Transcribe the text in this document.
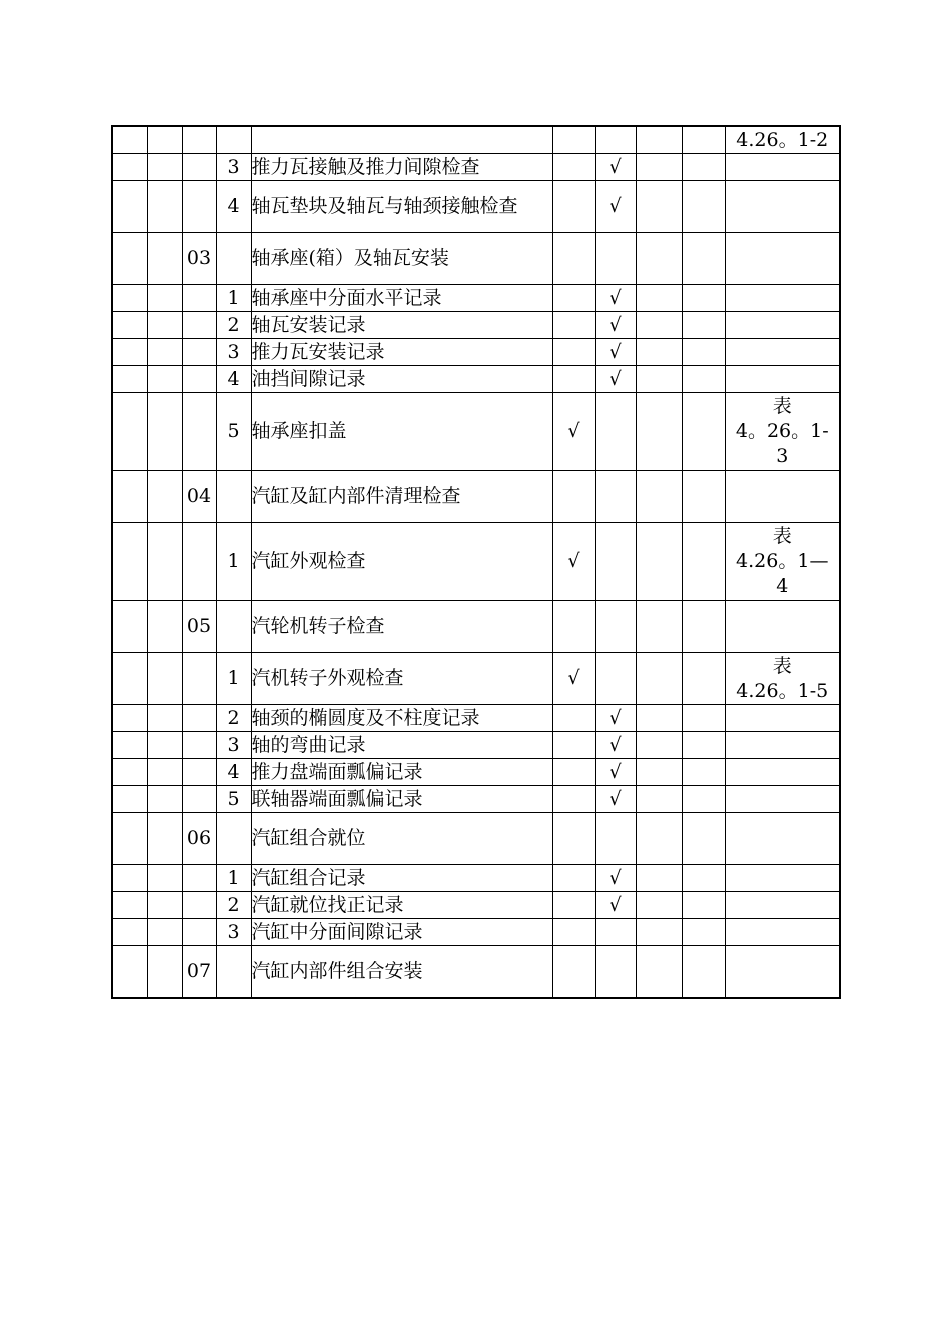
									4.26。1-2

			3	推力瓦接触及推力间隙检查		√			
			4	轴瓦垫块及轴瓦与轴颈接触检查		√			
		03		轴承座(箱）及轴瓦安装					
			1	轴承座中分面水平记录		√			
			2	轴瓦安装记录		√			
			3	推力瓦安装记录		√			
			4	油挡间隙记录		√			
			5	轴承座扣盖	√				表
4。26。1-
3

		04		汽缸及缸内部件清理检查					
			1	汽缸外观检查	√				表
4.26。1—
4

		05		汽轮机转子检查					
			1	汽机转子外观检查	√				表
4.26。1-5

			2	轴颈的椭圆度及不柱度记录		√			
			3	轴的弯曲记录		√			
			4	推力盘端面瓢偏记录		√			
			5	联轴器端面瓢偏记录		√			
		06		汽缸组合就位					
			1	汽缸组合记录		√			
			2	汽缸就位找正记录		√			
			3	汽缸中分面间隙记录					
		07		汽缸内部件组合安装					
